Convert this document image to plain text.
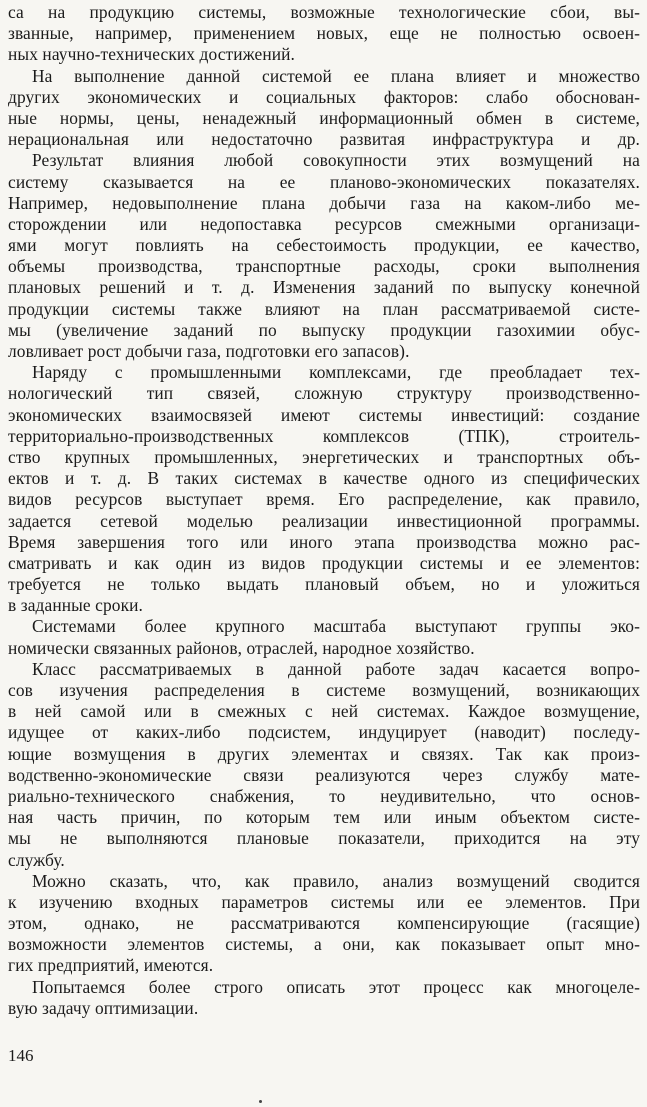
са на продукцию системы, возможные технологические сбои, вы-
званные, например, применением новых, еще не полностью освоен-
ных научно-технических достижений.

На выполнение данной системой ее плана влияет и множество
других экономических и социальных факторов: слабо обоснован-
ные нормы, цены, ненадежный информационный обмен в системе,
нерациональная или недостаточно развитая инфраструктура и др.

Результат влияния любой совокупности этих возмущений на
систему сказывается на ее планово-экономических показателях.
Например, недовыполнение плана добычи газа на каком-либо ме-
сторождении или недопоставка ресурсов смежными организаци-
ями могут повлиять на себестоимость продукции, ее качество,
объемы производства, транспортные расходы, сроки выполнения
плановых решений и т. д. Изменения заданий по выпуску конечной
продукции системы также влияют на план рассматриваемой систе-
мы (увеличение заданий по выпуску продукции газохимии обус-
ловливает рост добычи газа, подготовки его запасов).

Наряду с промышленными комплексами, где преобладает тех-
нологический тип связей, сложную структуру производственно-
экономических взаимосвязей имеют системы инвестиций: создание
территориально-производственных комплексов (ТПК), строитель-
ство крупных промышленных, энергетических и транспортных объ-
ектов и т. д. В таких системах в качестве одного из специфических
видов ресурсов выступает время. Его распределение, как правило,
задается сетевой моделью реализации инвестиционной программы.
Время завершения того или иного этапа производства можно рас-
сматривать и как один из видов продукции системы и ее элементов:
требуется не только выдать плановый объем, но и уложиться
в заданные сроки.

Системами более крупного масштаба выступают группы эко-
номически связанных районов, отраслей, народное хозяйство.

Класс рассматриваемых в данной работе задач касается вопро-
сов изучения распределения в системе возмущений, возникающих
в ней самой или в смежных с ней системах. Каждое возмущение,
идущее от каких-либо подсистем, индуцирует (наводит) последу-
ющие возмущения в других элементах и связях. Так как произ-
водственно-экономические связи реализуются через службу мате-
риально-технического снабжения, то неудивительно, что основ-
ная часть причин, по которым тем или иным объектом систе-
мы не выполняются плановые показатели, приходится на эту
службу.

Можно сказать, что, как правило, анализ возмущений сводится
к изучению входных параметров системы или ее элементов. При
этом, однако, не рассматриваются компенсирующие (гасящие)
возможности элементов системы, а они, как показывает опыт мно-
гих предприятий, имеются.

Попытаемся более строго описать этот процесс как многоцеле-
вую задачу оптимизации.

146
